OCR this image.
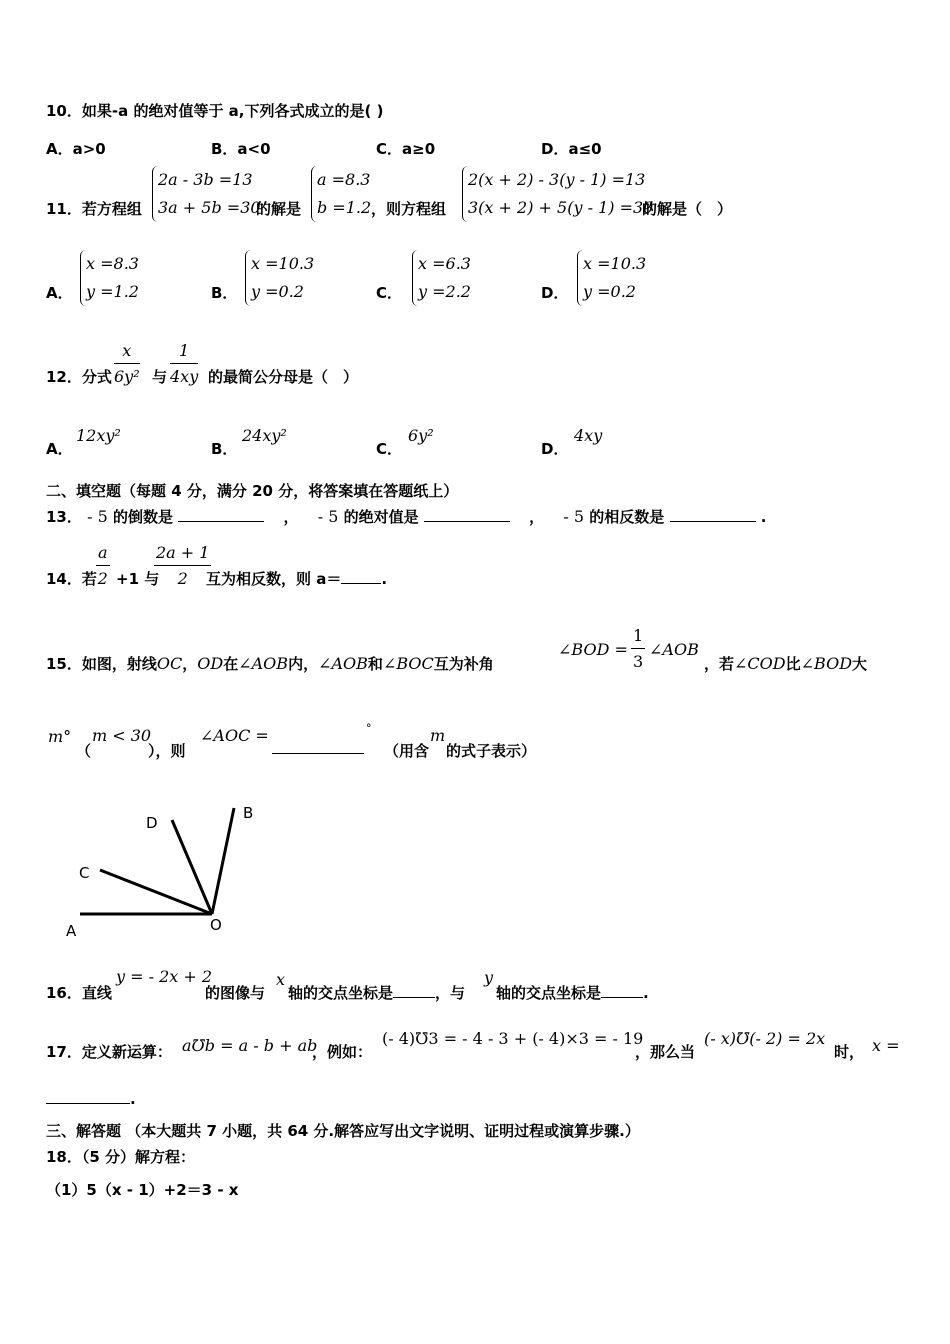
10．如果-a 的绝对值等于 a,下列各式成立的是( )
A．a>0	B．a<0	C．a≥0	D．a≤0
11．若方程组
2a - 3b =13
3a + 5b =30
的解是
a =8.3
b =1.2 ，则方程组
2(x + 2) - 3(y - 1) =13
3(x + 2) + 5(y - 1) =30
的解是（　）
A．
x =8.3
y =1.2	B．
x =10.3
y =0.2	C．
x =6.3
y =2.2	D．
x =10.3
y =0.2
12．分式 $\frac{x}{\text{6y²}}$ 与 $\frac{1}{4xy}$ 的最简公分母是（　）
A．
12xy²
B．
24xy²
C．
6y²
D．
4xy
二、填空题（每题 4 分，满分 20 分，将答案填在答题纸上）
13． - 5 的倒数是	， - 5 的绝对值是	， - 5 的相反数是	.
14．若 $\frac{a}{2} +1$ 与
$\frac{2a + 1}{2}$
互为相反数，则 a＝	.
15．如图，射线OC，OD在∠AOB内，∠AOB和∠BOC互为补角
∠BOD = $\frac{1}{3}$ ∠AOB
，若∠COD比∠BOD大
m°
（
m < 30
），则
∠AOC =	°
（用含
m
的式子表示）
A
C
D
B
O
16．直线
y = - 2x + 2
的图像与
x
轴的交点坐标是	，与
y
轴的交点坐标是	.
17．定义新运算： a℧b = a - b + ab
，例如：
(- 4)℧3 = - 4 - 3 + (- 4)×3 = - 19
，那么当
(- x)℧(- 2) = 2x
时， x =
.
三、解答题 （本大题共 7 小题，共 64 分.解答应写出文字说明、证明过程或演算步骤.）
18．（5 分）解方程：
（1）5（x - 1）+2＝3 - x
